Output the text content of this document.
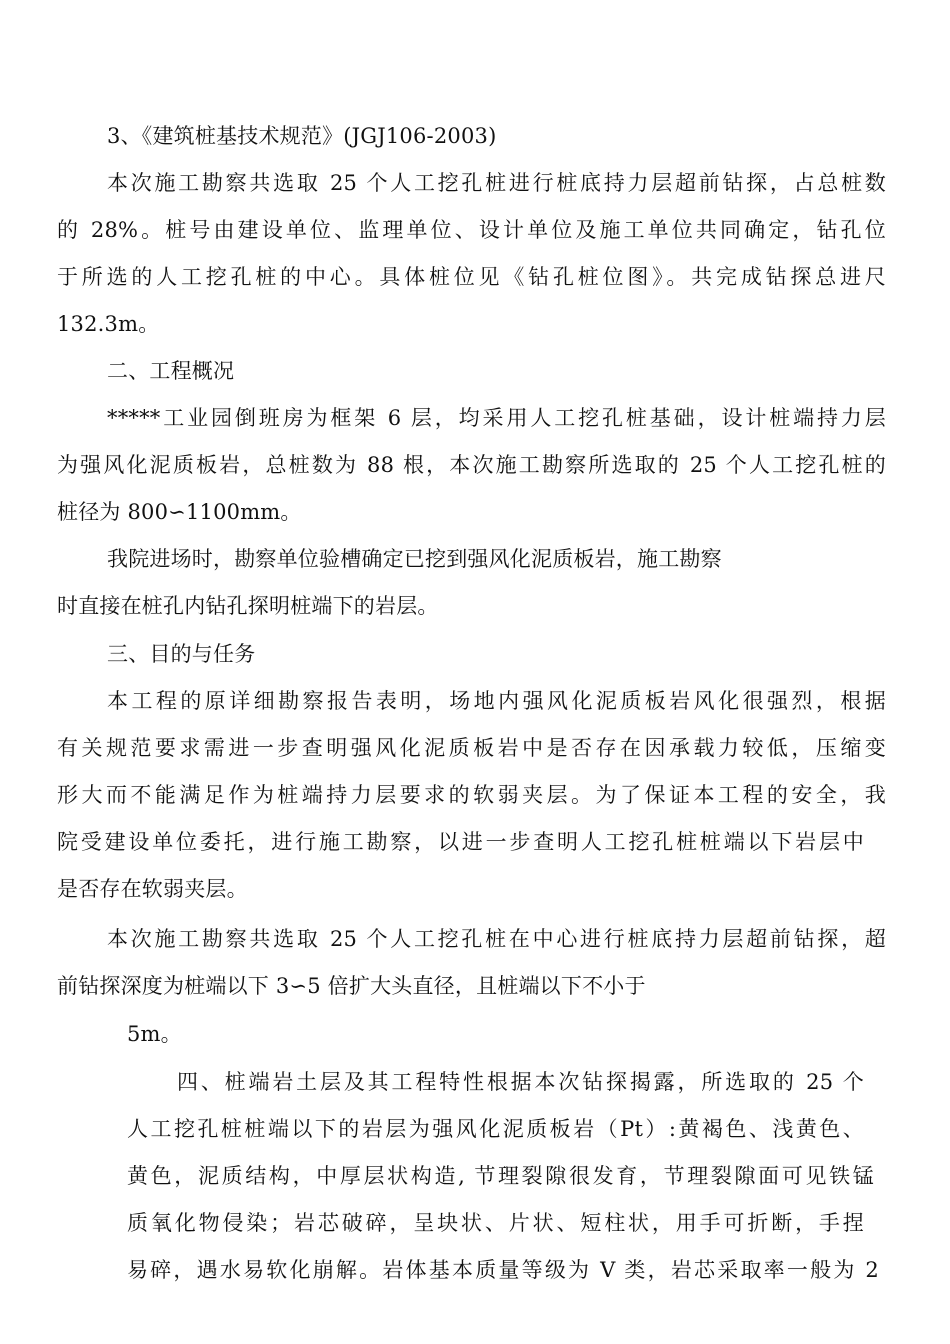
3、《建筑桩基技术规范》(JGJ106-2003)
本次施工勘察共选取 25 个人工挖孔桩进行桩底持力层超前钻探，占总桩数
的 28%。桩号由建设单位、监理单位、设计单位及施工单位共同确定，钻孔位
于所选的人工挖孔桩的中心。具体桩位见《钻孔桩位图》。共完成钻探总进尺
132.3m。
二、工程概况
*****工业园倒班房为框架 6 层，均采用人工挖孔桩基础，设计桩端持力层
为强风化泥质板岩，总桩数为 88 根，本次施工勘察所选取的 25 个人工挖孔桩的
桩径为 800∽1100mm。
我院进场时，勘察单位验槽确定已挖到强风化泥质板岩，施工勘察
时直接在桩孔内钻孔探明桩端下的岩层。
三、目的与任务
本工程的原详细勘察报告表明，场地内强风化泥质板岩风化很强烈，根据
有关规范要求需进一步查明强风化泥质板岩中是否存在因承载力较低，压缩变
形大而不能满足作为桩端持力层要求的软弱夹层。为了保证本工程的安全，我
院受建设单位委托，进行施工勘察，以进一步查明人工挖孔桩桩端以下岩层中
是否存在软弱夹层。
本次施工勘察共选取 25 个人工挖孔桩在中心进行桩底持力层超前钻探，超
前钻探深度为桩端以下 3∽5 倍扩大头直径，且桩端以下不小于
5m。
四、桩端岩土层及其工程特性根据本次钻探揭露，所选取的 25 个
人工挖孔桩桩端以下的岩层为强风化泥质板岩（Pt）:黄褐色、浅黄色、
黄色，泥质结构，中厚层状构造, 节理裂隙很发育，节理裂隙面可见铁锰
质氧化物侵染；岩芯破碎，呈块状、片状、短柱状，用手可折断，手捏
易碎，遇水易软化崩解。岩体基本质量等级为 V 类，岩芯采取率一般为 2
